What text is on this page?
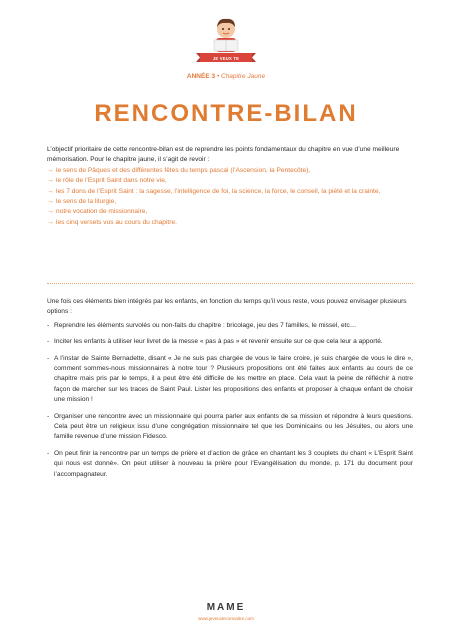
JE VEUX TE CONNAÎTRE
ANNÉE 3 • Chapitre Jaune
RENCONTRE-BILAN

L’objectif prioritaire de cette rencontre-bilan est de reprendre les points fondamentaux du chapitre en vue d’une meilleure mémorisation. Pour le chapitre jaune, il s’agit de revoir :

→ le sens de Pâques et des différentes fêtes du temps pascal (l’Ascension, la Pentecôte),
→ le rôle de l’Esprit Saint dans notre vie,
→ les 7 dons de l’Esprit Saint : la sagesse, l’intelligence de foi, la science, la force, le conseil, la piété et la crainte,
→ le sens de la liturgie,
→ notre vocation de missionnaire,
→ les cinq versets vus au cours du chapitre.

Une fois ces éléments bien intégrés par les enfants, en fonction du temps qu’il vous reste, vous pouvez envisager plusieurs options :

- Reprendre les éléments survolés ou non-faits du chapitre : bricolage, jeu des 7 familles, le missel, etc…
- Inciter les enfants à utiliser leur livret de la messe « pas à pas » et revenir ensuite sur ce que cela leur a apporté.
- A l’instar de Sainte Bernadette, disant « Je ne suis pas chargée de vous le faire croire, je suis chargée de vous le dire », comment sommes-nous missionnaires à notre tour ? Plusieurs propositions ont été faites aux enfants au cours de ce chapitre mais pris par le temps, il a peut être été difficile de les mettre en place. Cela vaut la peine de réfléchir à notre façon de marcher sur les traces de Saint Paul. Lister les propositions des enfants et proposer à chaque enfant de choisir une mission !
- Organiser une rencontre avec un missionnaire qui pourra parler aux enfants de sa mission et répondre à leurs questions. Cela peut être un religieux issu d’une congrégation missionnaire tel que les Dominicains ou les Jésuites, ou alors une famille revenue d’une mission Fidesco.
- On peut finir la rencontre par un temps de prière et d’action de grâce en chantant les 3 couplets du chant « L’Esprit Saint qui nous est donné». On peut utiliser à nouveau la prière pour l’Evangélisation du monde, p. 171 du document pour l’accompagnateur.
MAME
www.jeveuxteconnaitre.com
